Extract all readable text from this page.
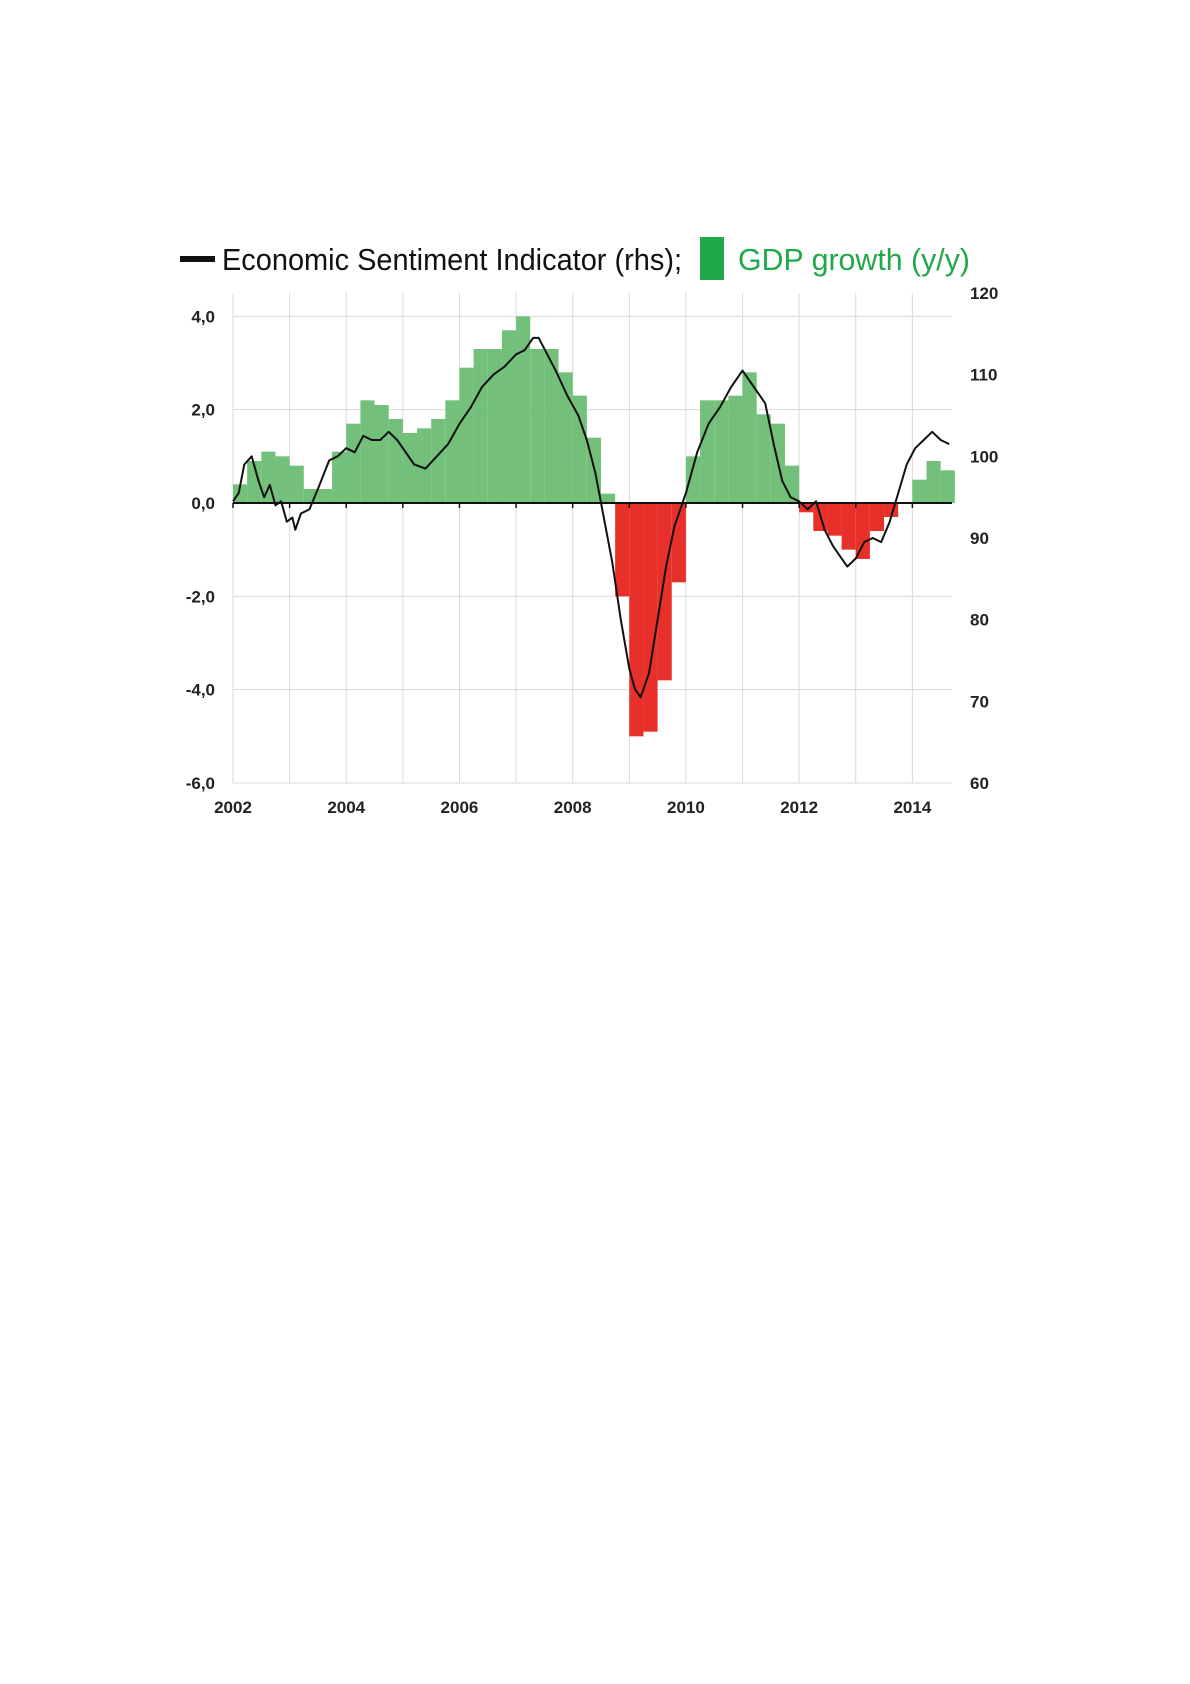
Economic Sentiment Indicator (rhs); GDP growth (y/y)
-6,0
-4,0
-2,0
0,0
2,0
4,0
60
70
80
90
100
110
120
2002	2004	2006	2008	2010	2012	2014
